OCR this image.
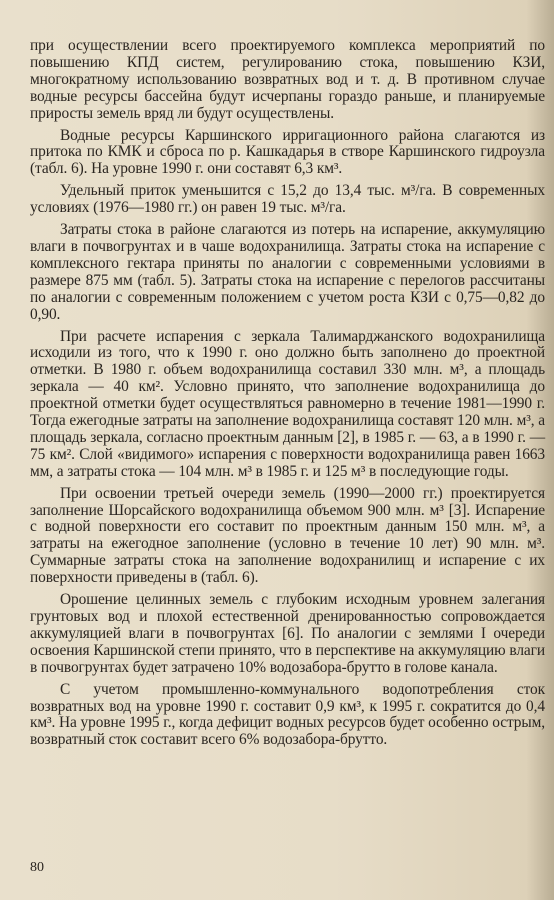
при осуществлении всего проектируемого комплекса мероприятий по повышению КПД систем, регулированию стока, повышению КЗИ, многократному использованию возвратных вод и т. д. В противном случае водные ресурсы бассейна будут исчерпаны гораздо раньше, и планируемые приросты земель вряд ли будут осуществлены.

Водные ресурсы Каршинского ирригационного района слагаются из притока по КМК и сброса по р. Кашкадарья в створе Каршинского гидроузла (табл. 6). На уровне 1990 г. они составят 6,3 км³.

Удельный приток уменьшится с 15,2 до 13,4 тыс. м³/га. В современных условиях (1976—1980 гг.) он равен 19 тыс. м³/га.

Затраты стока в районе слагаются из потерь на испарение, аккумуляцию влаги в почвогрунтах и в чаше водохранилища. Затраты стока на испарение с комплексного гектара приняты по аналогии с современными условиями в размере 875 мм (табл. 5). Затраты стока на испарение с перелогов рассчитаны по аналогии с современным положением с учетом роста КЗИ с 0,75—0,82 до 0,90.

При расчете испарения с зеркала Талимарджанского водохранилища исходили из того, что к 1990 г. оно должно быть заполнено до проектной отметки. В 1980 г. объем водохранилища составил 330 млн. м³, а площадь зеркала — 40 км². Условно принято, что заполнение водохранилища до проектной отметки будет осуществляться равномерно в течение 1981—1990 г. Тогда ежегодные затраты на заполнение водохранилища составят 120 млн. м³, а площадь зеркала, согласно проектным данным [2], в 1985 г. — 63, а в 1990 г. — 75 км². Слой «видимого» испарения с поверхности водохранилища равен 1663 мм, а затраты стока — 104 млн. м³ в 1985 г. и 125 м³ в последующие годы.

При освоении третьей очереди земель (1990—2000 гг.) проектируется заполнение Шорсайского водохранилища объемом 900 млн. м³ [3]. Испарение с водной поверхности его составит по проектным данным 150 млн. м³, а затраты на ежегодное заполнение (условно в течение 10 лет) 90 млн. м³. Суммарные затраты стока на заполнение водохранилищ и испарение с их поверхности приведены в (табл. 6).

Орошение целинных земель с глубоким исходным уровнем залегания грунтовых вод и плохой естественной дренированностью сопровождается аккумуляцией влаги в почвогрунтах [6]. По аналогии с землями I очереди освоения Каршинской степи принято, что в перспективе на аккумуляцию влаги в почвогрунтах будет затрачено 10% водозабора-брутто в голове канала.

С учетом промышленно-коммунального водопотребления сток возвратных вод на уровне 1990 г. составит 0,9 км³, к 1995 г. сократится до 0,4 км³. На уровне 1995 г., когда дефицит водных ресурсов будет особенно острым, возвратный сток составит всего 6% водозабора-брутто.

80
